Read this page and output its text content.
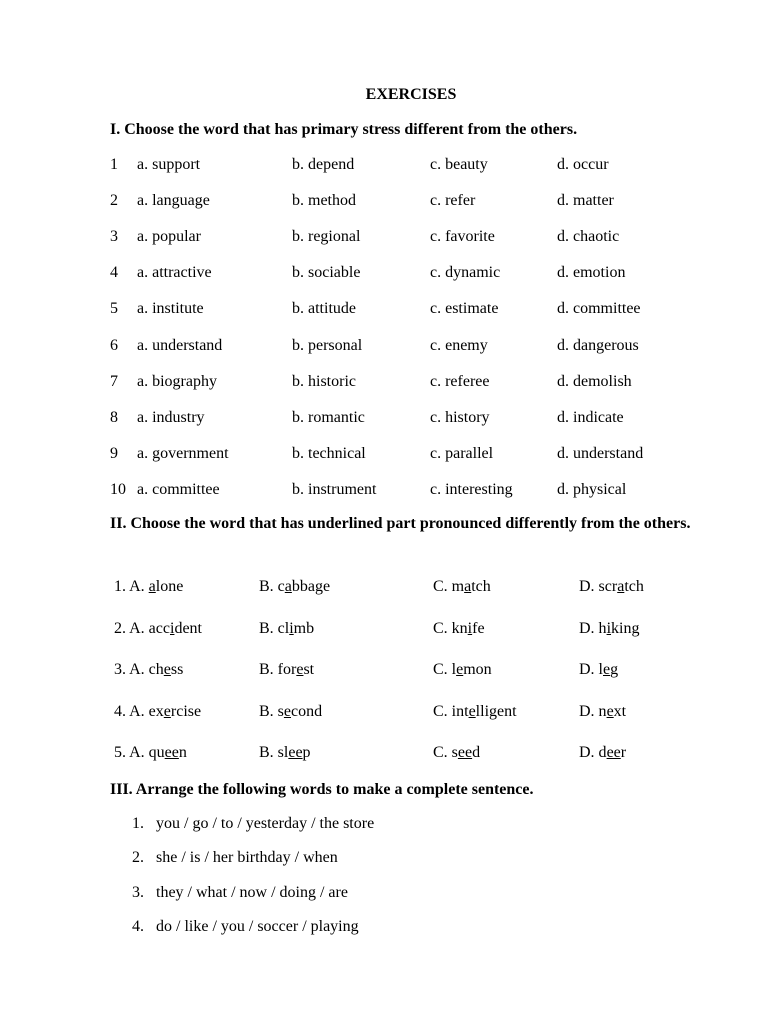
EXERCISES
I. Choose the word that has primary stress different from the others.
1 a. support	b. depend	c. beauty	d. occur
2 a. language	b. method	c. refer	d. matter
3 a. popular	b. regional	c. favorite	d. chaotic
4 a. attractive	b. sociable	c. dynamic	d. emotion
5 a. institute	b. attitude	c. estimate	d. committee
6 a. understand	b. personal	c. enemy	d. dangerous
7 a. biography	b. historic	c. referee	d. demolish
8 a. industry	b. romantic	c. history	d. indicate
9 a. government	b. technical	c. parallel	d. understand
10 a. committee	b. instrument	c. interesting	d. physical
II. Choose the word that has underlined part pronounced differently from the others.
1. A. alone	B. cabbage	C. match	D. scratch
2. A. accident	B. climb	C. knife	D. hiking
3. A. chess	B. forest	C. lemon	D. leg
4. A. exercise	B. second	C. intelligent	D. next
5. A. queen	B. sleep	C. seed	D. deer
III. Arrange the following words to make a complete sentence.
1. you / go / to / yesterday / the store
2. she / is / her birthday / when
3. they / what / now / doing / are
4. do / like / you / soccer / playing
